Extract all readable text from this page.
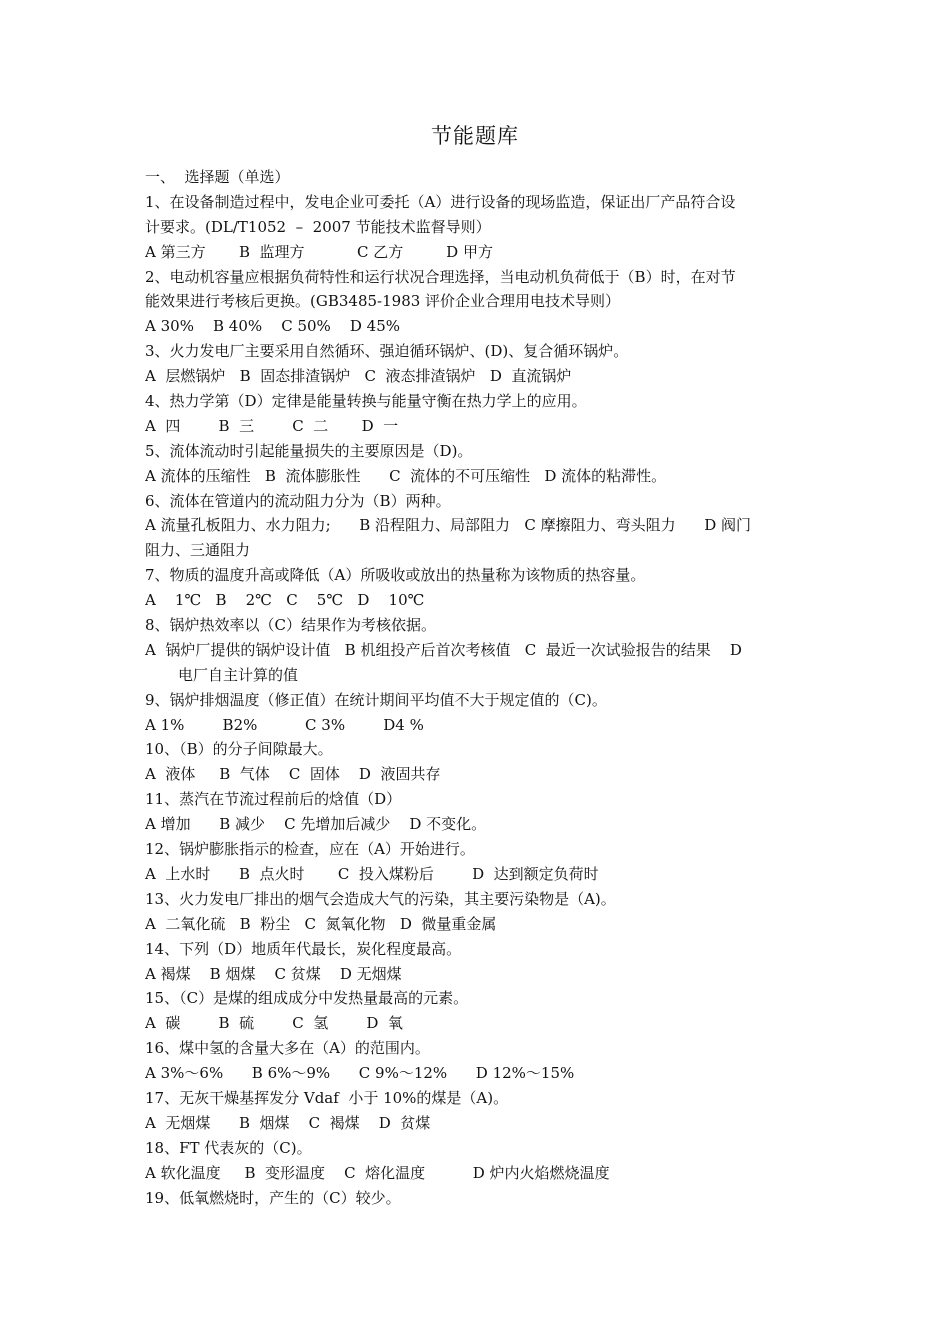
节能题库
一、  选择题（单选）
1、在设备制造过程中，发电企业可委托（A）进行设备的现场监造，保证出厂产品符合设
计要求。(DL/T1052  –  2007 节能技术监督导则）
A 第三方       B  监理方           C 乙方         D 甲方
2、电动机容量应根据负荷特性和运行状况合理选择，当电动机负荷低于（B）时，在对节
能效果进行考核后更换。(GB3485-1983 评价企业合理用电技术导则）
A 30%    B 40%    C 50%    D 45%
3、火力发电厂主要采用自然循环、强迫循环锅炉、(D)、复合循环锅炉。
A  层燃锅炉   B  固态排渣锅炉   C  液态排渣锅炉   D  直流锅炉
4、热力学第（D）定律是能量转换与能量守衡在热力学上的应用。
A  四        B  三        C  二       D  一
5、流体流动时引起能量损失的主要原因是（D)。
A 流体的压缩性   B  流体膨胀性      C  流体的不可压缩性   D 流体的粘滞性。
6、流体在管道内的流动阻力分为（B）两种。
A 流量孔板阻力、水力阻力;      B 沿程阻力、局部阻力   C 摩擦阻力、弯头阻力      D 阀门
阻力、三通阻力
7、物质的温度升高或降低（A）所吸收或放出的热量称为该物质的热容量。
A    1℃   B    2℃   C    5℃   D    10℃
8、锅炉热效率以（C）结果作为考核依据。
A  锅炉厂提供的锅炉设计值   B 机组投产后首次考核值   C  最近一次试验报告的结果    D
电厂自主计算的值
9、锅炉排烟温度（修正值）在统计期间平均值不大于规定值的（C)。
A 1%        B2%          C 3%        D4 %
10、（B）的分子间隙最大。
A  液体     B  气体    C  固体    D  液固共存
11、蒸汽在节流过程前后的焓值（D）
A 增加      B 减少    C 先增加后减少    D 不变化。
12、锅炉膨胀指示的检查，应在（A）开始进行。
A  上水时      B  点火时       C  投入煤粉后        D  达到额定负荷时
13、火力发电厂排出的烟气会造成大气的污染，其主要污染物是（A)。
A  二氧化硫   B  粉尘   C  氮氧化物   D  微量重金属
14、下列（D）地质年代最长，炭化程度最高。
A 褐煤    B 烟煤    C 贫煤    D 无烟煤
15、（C）是煤的组成成分中发热量最高的元素。
A  碳        B  硫        C  氢        D  氧
16、煤中氢的含量大多在（A）的范围内。
A 3%～6%      B 6%～9%      C 9%～12%      D 12%～15%
17、无灰干燥基挥发分 Vdaf  小于 10%的煤是（A)。
A  无烟煤      B  烟煤    C  褐煤    D  贫煤
18、FT 代表灰的（C)。
A 软化温度     B  变形温度    C  熔化温度          D 炉内火焰燃烧温度
19、低氧燃烧时，产生的（C）较少。
